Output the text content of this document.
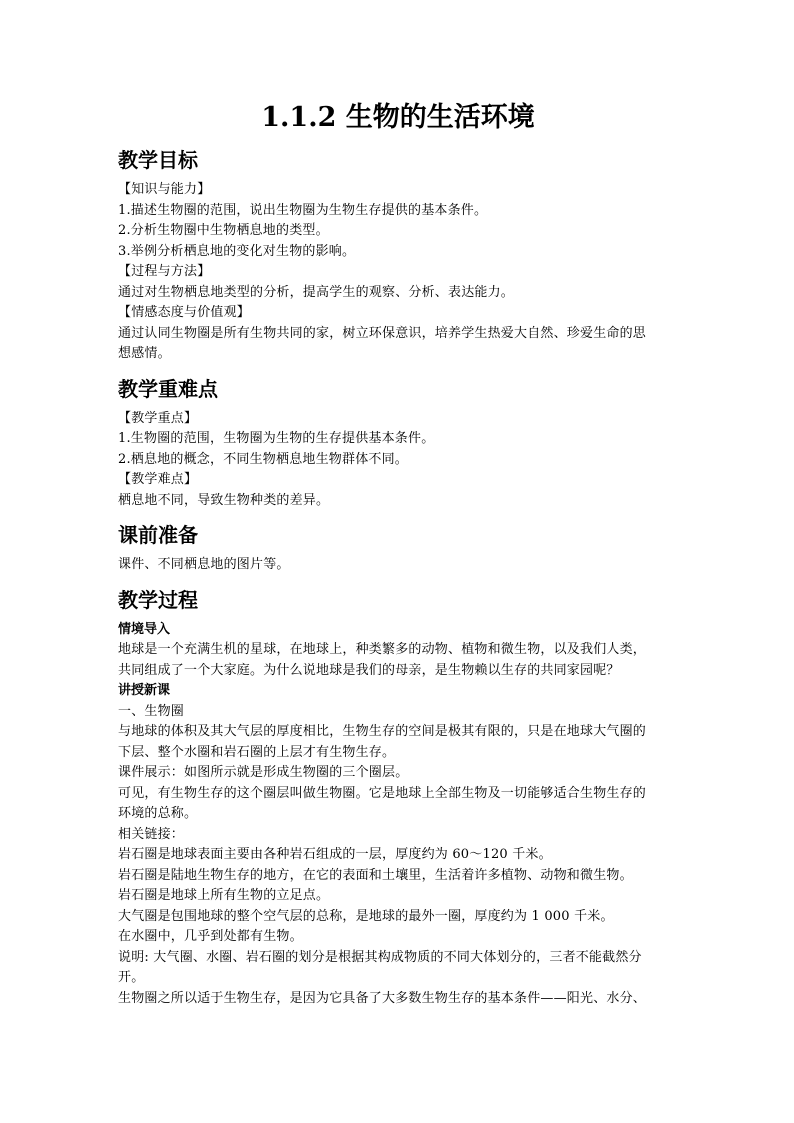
1.1.2 生物的生活环境
教学目标

【知识与能力】

1.描述生物圈的范围，说出生物圈为生物生存提供的基本条件。

2.分析生物圈中生物栖息地的类型。

3.举例分析栖息地的变化对生物的影响。

【过程与方法】

通过对生物栖息地类型的分析，提高学生的观察、分析、表达能力。

【情感态度与价值观】

通过认同生物圈是所有生物共同的家，树立环保意识，培养学生热爱大自然、珍爱生命的思

想感情。

教学重难点

【教学重点】

1.生物圈的范围，生物圈为生物的生存提供基本条件。

2.栖息地的概念，不同生物栖息地生物群体不同。

【教学难点】

栖息地不同，导致生物种类的差异。

课前准备

课件、不同栖息地的图片等。

教学过程

情境导入

地球是一个充满生机的星球，在地球上，种类繁多的动物、植物和微生物，以及我们人类，

共同组成了一个大家庭。为什么说地球是我们的母亲，是生物赖以生存的共同家园呢？

讲授新课

一、生物圈

与地球的体积及其大气层的厚度相比，生物生存的空间是极其有限的，只是在地球大气圈的

下层、整个水圈和岩石圈的上层才有生物生存。

课件展示：如图所示就是形成生物圈的三个圈层。

可见，有生物生存的这个圈层叫做生物圈。它是地球上全部生物及一切能够适合生物生存的

环境的总称。

相关链接：

岩石圈是地球表面主要由各种岩石组成的一层，厚度约为 60～120 千米。

岩石圈是陆地生物生存的地方，在它的表面和土壤里，生活着许多植物、动物和微生物。

岩石圈是地球上所有生物的立足点。

大气圈是包围地球的整个空气层的总称，是地球的最外一圈，厚度约为 1 000 千米。

在水圈中，几乎到处都有生物。

说明: 大气圈、水圈、岩石圈的划分是根据其构成物质的不同大体划分的，三者不能截然分

开。

生物圈之所以适于生物生存，是因为它具备了大多数生物生存的基本条件——阳光、水分、
